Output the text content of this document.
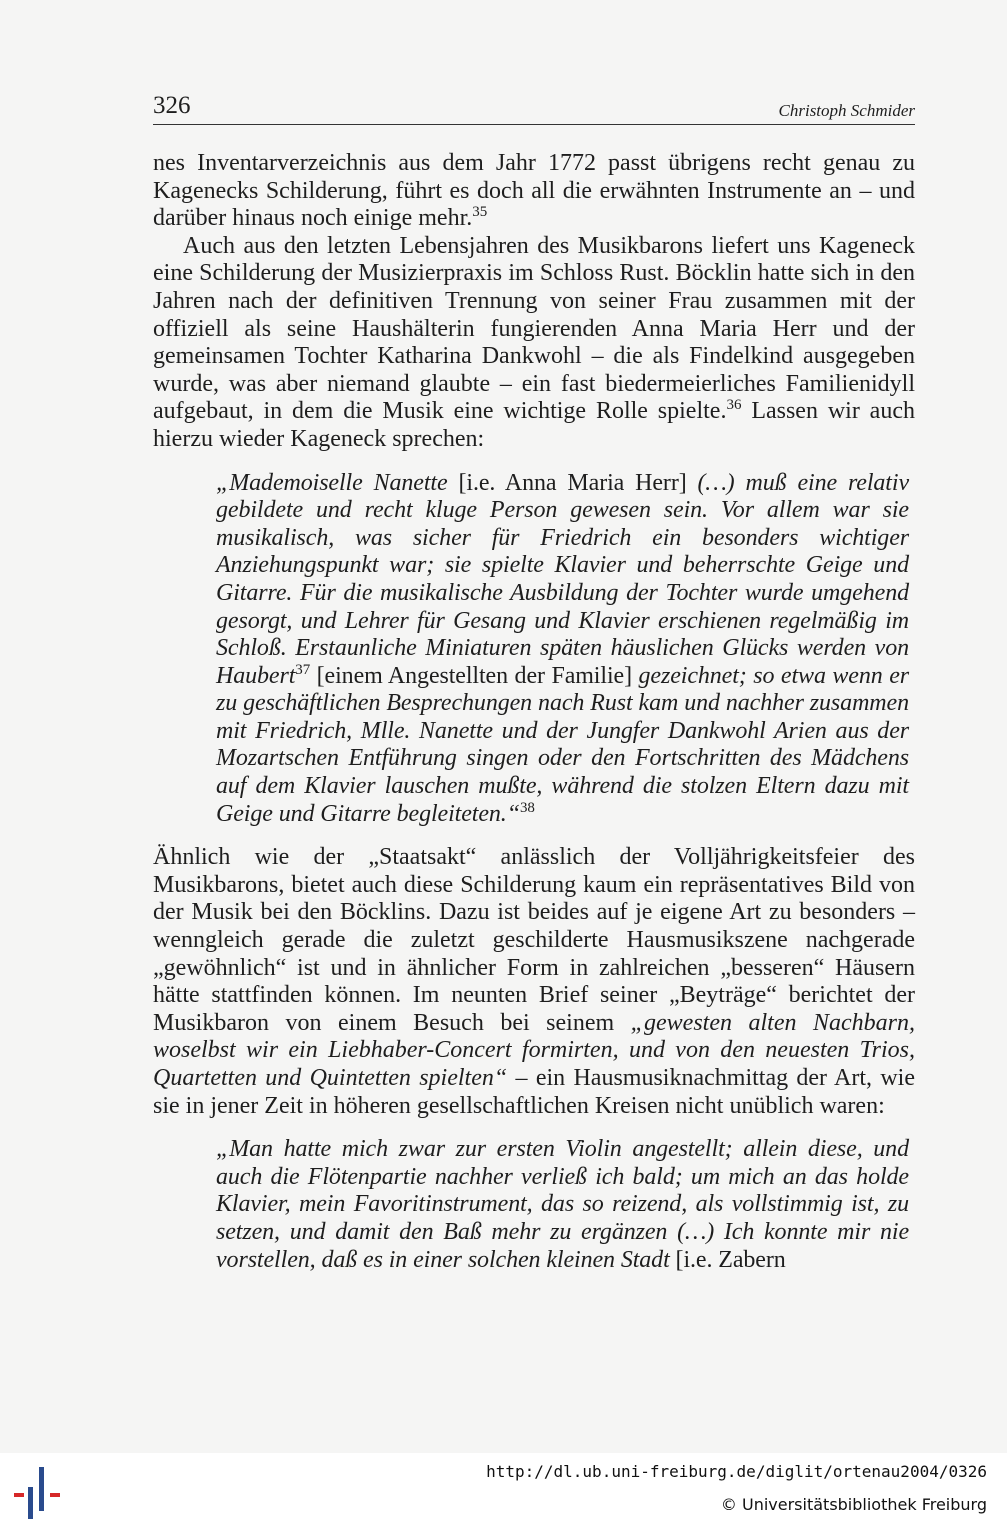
326	Christoph Schmider

nes Inventarverzeichnis aus dem Jahr 1772 passt übrigens recht genau zu Kagenecks Schilderung, führt es doch all die erwähnten Instrumente an – und darüber hinaus noch einige mehr.$^{35}$

Auch aus den letzten Lebensjahren des Musikbarons liefert uns Kageneck eine Schilderung der Musizierpraxis im Schloss Rust. Böcklin hatte sich in den Jahren nach der definitiven Trennung von seiner Frau zusammen mit der offiziell als seine Haushälterin fungierenden Anna Maria Herr und der gemeinsamen Tochter Katharina Dankwohl – die als Findelkind ausgegeben wurde, was aber niemand glaubte – ein fast biedermeierliches Familienidyll aufgebaut, in dem die Musik eine wichtige Rolle spielte.$^{36}$ Lassen wir auch hierzu wieder Kageneck sprechen:

„Mademoiselle Nanette [i.e. Anna Maria Herr] (…) muß eine relativ gebildete und recht kluge Person gewesen sein. Vor allem war sie musikalisch, was sicher für Friedrich ein besonders wichtiger Anziehungspunkt war; sie spielte Klavier und beherrschte Geige und Gitarre. Für die musikalische Ausbildung der Tochter wurde umgehend gesorgt, und Lehrer für Gesang und Klavier erschienen regelmäßig im Schloß. Erstaunliche Miniaturen späten häuslichen Glücks werden von Haubert$^{37}$ [einem Angestellten der Familie] gezeichnet; so etwa wenn er zu geschäftlichen Besprechungen nach Rust kam und nachher zusammen mit Friedrich, Mlle. Nanette und der Jungfer Dankwohl Arien aus der Mozartschen Entführung singen oder den Fortschritten des Mädchens auf dem Klavier lauschen mußte, während die stolzen Eltern dazu mit Geige und Gitarre begleiteten.“$^{38}$

Ähnlich wie der „Staatsakt“ anlässlich der Volljährigkeitsfeier des Musikbarons, bietet auch diese Schilderung kaum ein repräsentatives Bild von der Musik bei den Böcklins. Dazu ist beides auf je eigene Art zu besonders – wenngleich gerade die zuletzt geschilderte Hausmusikszene nachgerade „gewöhnlich“ ist und in ähnlicher Form in zahlreichen „besseren“ Häusern hätte stattfinden können. Im neunten Brief seiner „Beyträge“ berichtet der Musikbaron von einem Besuch bei seinem „gewesten alten Nachbarn, woselbst wir ein Liebhaber-Concert formirten, und von den neuesten Trios, Quartetten und Quintetten spielten“ – ein Hausmusiknachmittag der Art, wie sie in jener Zeit in höheren gesellschaftlichen Kreisen nicht unüblich waren:

„Man hatte mich zwar zur ersten Violin angestellt; allein diese, und auch die Flötenpartie nachher verließ ich bald; um mich an das holde Klavier, mein Favoritinstrument, das so reizend, als vollstimmig ist, zu setzen, und damit den Baß mehr zu ergänzen (…) Ich konnte mir nie vorstellen, daß es in einer solchen kleinen Stadt [i.e. Zabern

http://dl.ub.uni-freiburg.de/diglit/ortenau2004/0326
© Universitätsbibliothek Freiburg
